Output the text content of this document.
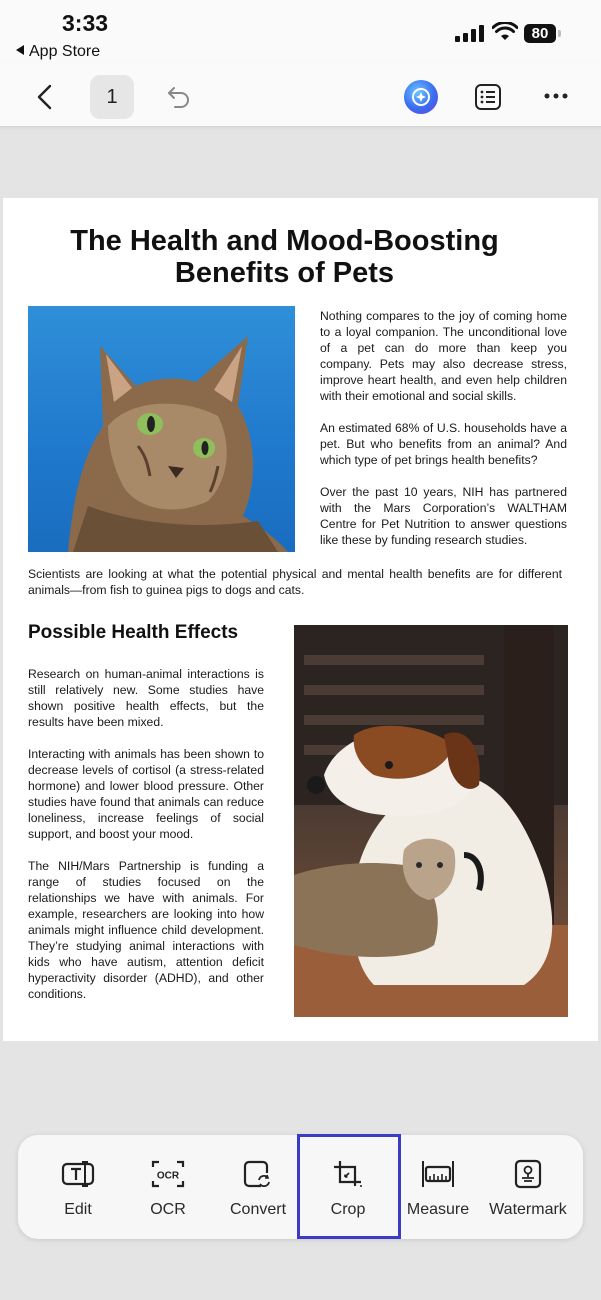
3:33
App Store
80
1
The Health and Mood-Boosting
Benefits of Pets
Nothing compares to the joy of coming home to a loyal companion. The unconditional love of a pet can do more than keep you company. Pets may also decrease stress, improve heart health, and even help children with their emotional and social skills.
An estimated 68% of U.S. households have a pet. But who benefits from an animal? And which type of pet brings health benefits?
Over the past 10 years, NIH has partnered with the Mars Corporation’s WALTHAM Centre for Pet Nutrition to answer questions like these by funding research studies.
Scientists are looking at what the potential physical and mental health benefits are for different animals—from fish to guinea pigs to dogs and cats.
Possible Health Effects
Research on human-animal interactions is still relatively new. Some studies have shown positive health effects, but the results have been mixed.
Interacting with animals has been shown to decrease levels of cortisol (a stress-related hormone) and lower blood pressure. Other studies have found that animals can reduce loneliness, increase feelings of social support, and boost your mood.
The NIH/Mars Partnership is funding a range of studies focused on the relationships we have with animals. For example, researchers are looking into how animals might influence child development. They’re studying animal interactions with kids who have autism, attention deficit hyperactivity disorder (ADHD), and other conditions.
Edit
OCR
OCR	Convert	Crop	Measure	Watermark
